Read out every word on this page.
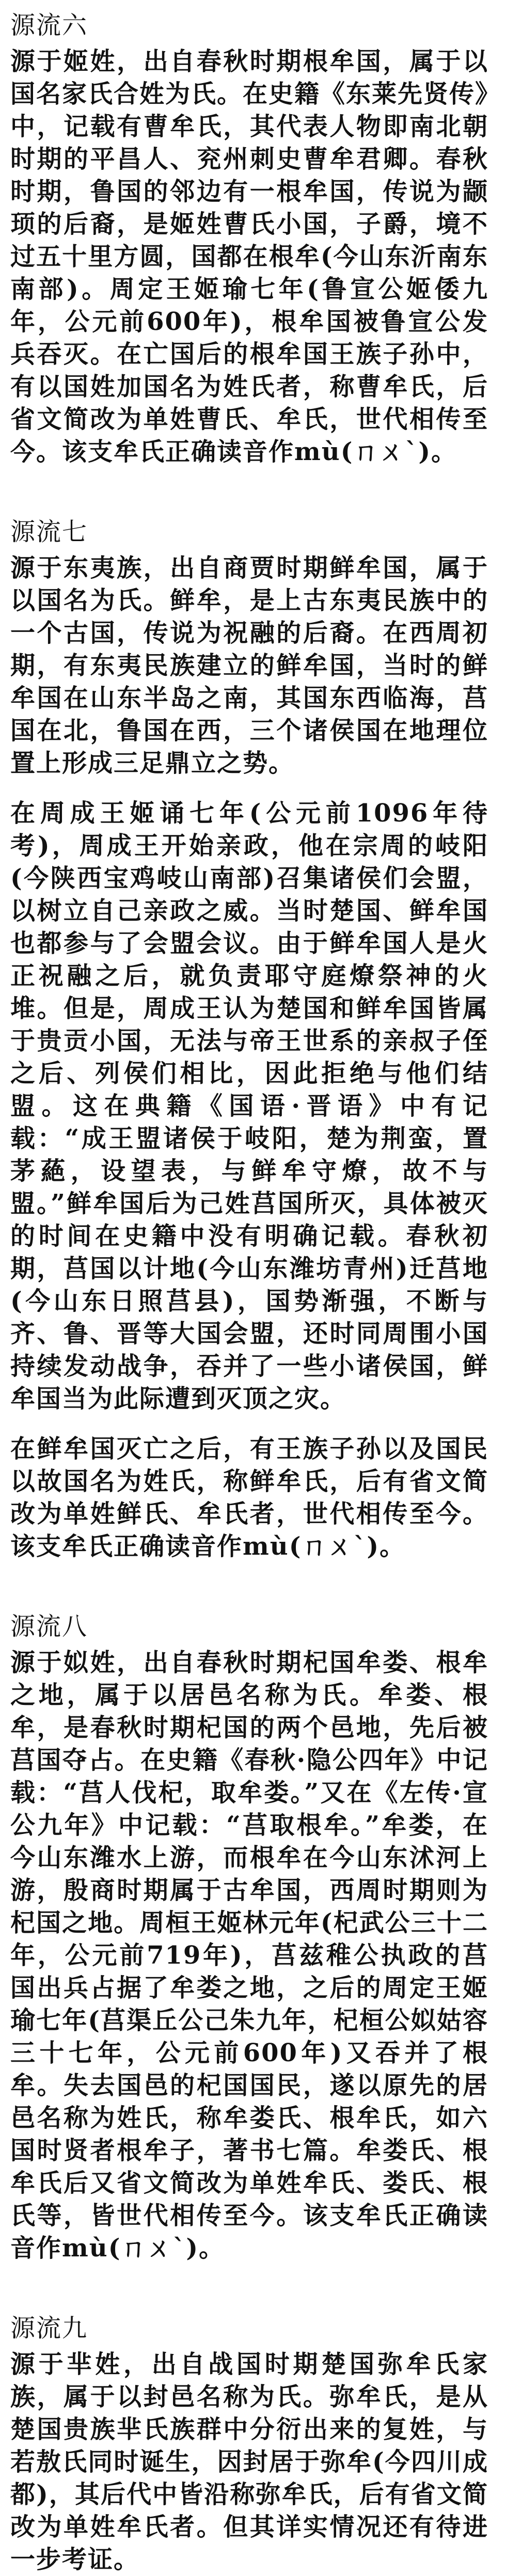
源流六

源于姬姓，出自春秋时期根牟国，属于以国名家氏合姓为氏。在史籍《东莱先贤传》中，记载有曹牟氏，其代表人物即南北朝时期的平昌人、兖州刺史曹牟君卿。春秋时期，鲁国的邻边有一根牟国，传说为颛顼的后裔，是姬姓曹氏小国，子爵，境不过五十里方圆，国都在根牟(今山东沂南东南部)。周定王姬瑜七年(鲁宣公姬倭九年，公元前600年)，根牟国被鲁宣公发兵吞灭。在亡国后的根牟国王族子孙中，有以国姓加国名为姓氏者，称曹牟氏，后省文简改为单姓曹氏、牟氏，世代相传至今。该支牟氏正确读音作mù(ㄇㄨˋ)。

源流七

源于东夷族，出自商贾时期鲜牟国，属于以国名为氏。鲜牟，是上古东夷民族中的一个古国，传说为祝融的后裔。在西周初期，有东夷民族建立的鲜牟国，当时的鲜牟国在山东半岛之南，其国东西临海，莒国在北，鲁国在西，三个诸侯国在地理位置上形成三足鼎立之势。

在周成王姬诵七年(公元前1096年待考)，周成王开始亲政，他在宗周的岐阳(今陕西宝鸡岐山南部)召集诸侯们会盟，以树立自己亲政之威。当时楚国、鲜牟国也都参与了会盟会议。由于鲜牟国人是火正祝融之后，就负责耶守庭燎祭神的火堆。但是，周成王认为楚国和鲜牟国皆属于贵贡小国，无法与帝王世系的亲叔子侄之后、列侯们相比，因此拒绝与他们结盟。这在典籍《国语·晋语》中有记载：“成王盟诸侯于岐阳，楚为荆蛮，置茅蕝，设望表，与鲜牟守燎，故不与盟。”鲜牟国后为己姓莒国所灭，具体被灭的时间在史籍中没有明确记载。春秋初期，莒国以计地(今山东潍坊青州)迁莒地(今山东日照莒县)，国势渐强，不断与齐、鲁、晋等大国会盟，还时同周围小国持续发动战争，吞并了一些小诸侯国，鲜牟国当为此际遭到灭顶之灾。

在鲜牟国灭亡之后，有王族子孙以及国民以故国名为姓氏，称鲜牟氏，后有省文简改为单姓鲜氏、牟氏者，世代相传至今。该支牟氏正确读音作mù(ㄇㄨˋ)。

源流八

源于姒姓，出自春秋时期杞国牟娄、根牟之地，属于以居邑名称为氏。牟娄、根牟，是春秋时期杞国的两个邑地，先后被莒国夺占。在史籍《春秋·隐公四年》中记载：“莒人伐杞，取牟娄。”又在《左传·宣公九年》中记载：“莒取根牟。”牟娄，在今山东潍水上游，而根牟在今山东沭河上游，殷商时期属于古牟国，西周时期则为杞国之地。周桓王姬林元年(杞武公三十二年，公元前719年)，莒兹稚公执政的莒国出兵占据了牟娄之地，之后的周定王姬瑜七年(莒渠丘公己朱九年，杞桓公姒姑容三十七年，公元前600年)又吞并了根牟。失去国邑的杞国国民，遂以原先的居邑名称为姓氏，称牟娄氏、根牟氏，如六国时贤者根牟子，著书七篇。牟娄氏、根牟氏后又省文简改为单姓牟氏、娄氏、根氏等，皆世代相传至今。该支牟氏正确读音作mù(ㄇㄨˋ)。

源流九

源于芈姓，出自战国时期楚国弥牟氏家族，属于以封邑名称为氏。弥牟氏，是从楚国贵族芈氏族群中分衍出来的复姓，与若敖氏同时诞生，因封居于弥牟(今四川成都)，其后代中皆沿称弥牟氏，后有省文简改为单姓牟氏者。但其详实情况还有待进一步考证。
